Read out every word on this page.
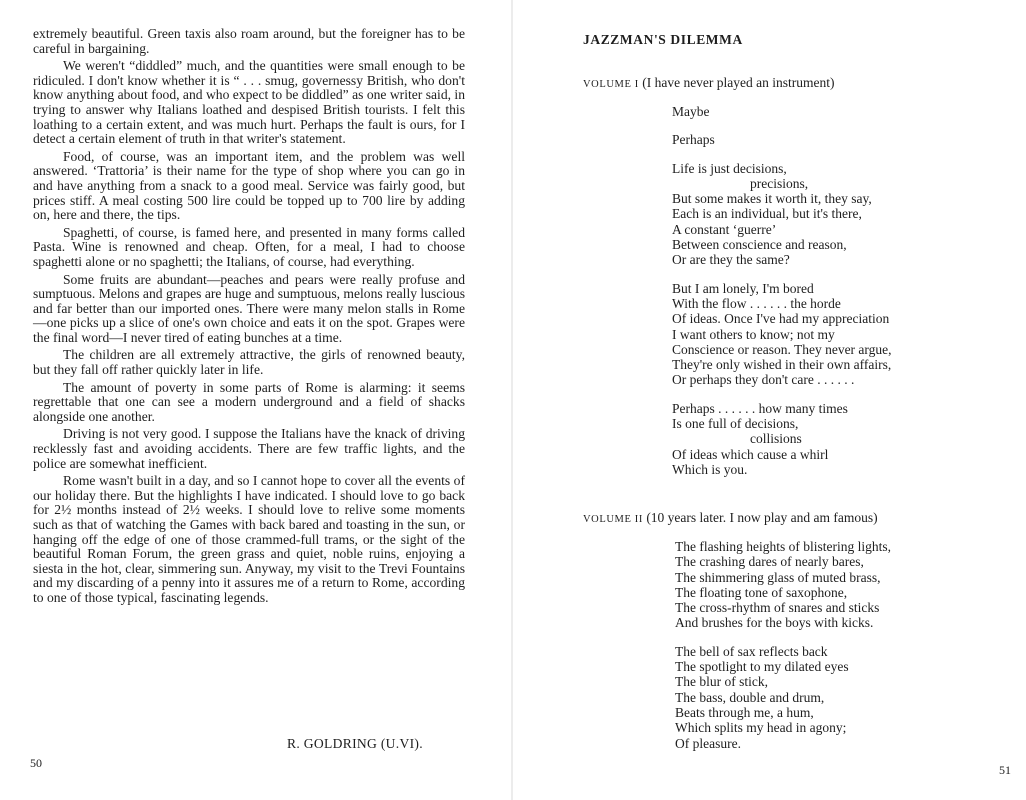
extremely beautiful. Green taxis also roam around, but the foreigner has to be careful in bargaining.

We weren't “diddled” much, and the quantities were small enough to be ridiculed. I don't know whether it is “ . . . smug, governessy British, who don't know anything about food, and who expect to be diddled” as one writer said, in trying to answer why Italians loathed and despised British tourists. I felt this loathing to a certain extent, and was much hurt. Perhaps the fault is ours, for I detect a certain element of truth in that writer's statement.

Food, of course, was an important item, and the problem was well answered. ‘Trattoria’ is their name for the type of shop where you can go in and have anything from a snack to a good meal. Service was fairly good, but prices stiff. A meal costing 500 lire could be topped up to 700 lire by adding on, here and there, the tips.

Spaghetti, of course, is famed here, and presented in many forms called Pasta. Wine is renowned and cheap. Often, for a meal, I had to choose spaghetti alone or no spaghetti; the Italians, of course, had everything.

Some fruits are abundant—peaches and pears were really profuse and sumptuous. Melons and grapes are huge and sumptuous, melons really luscious and far better than our imported ones. There were many melon stalls in Rome—one picks up a slice of one's own choice and eats it on the spot. Grapes were the final word—I never tired of eating bunches at a time.

The children are all extremely attractive, the girls of renowned beauty, but they fall off rather quickly later in life.

The amount of poverty in some parts of Rome is alarming: it seems regrettable that one can see a modern underground and a field of shacks alongside one another.

Driving is not very good. I suppose the Italians have the knack of driving recklessly fast and avoiding accidents. There are few traffic lights, and the police are somewhat inefficient.

Rome wasn't built in a day, and so I cannot hope to cover all the events of our holiday there. But the highlights I have indicated. I should love to go back for 2½ months instead of 2½ weeks. I should love to relive some moments such as that of watching the Games with back bared and toasting in the sun, or hanging off the edge of one of those crammed-full trams, or the sight of the beautiful Roman Forum, the green grass and quiet, noble ruins, enjoying a siesta in the hot, clear, simmering sun. Anyway, my visit to the Trevi Fountains and my discarding of a penny into it assures me of a return to Rome, according to one of those typical, fascinating legends.

R. GOLDRING (U.VI).
50
JAZZMAN'S DILEMMA
VOLUME I (I have never played an instrument)
Maybe
Perhaps
Life is just decisions,
precisions,
But some makes it worth it, they say,
Each is an individual, but it's there,
A constant ‘guerre’
Between conscience and reason,
Or are they the same?
But I am lonely, I'm bored
With the flow . . . . . . the horde
Of ideas. Once I've had my appreciation
I want others to know; not my
Conscience or reason. They never argue,
They're only wished in their own affairs,
Or perhaps they don't care . . . . . .
Perhaps . . . . . . how many times
Is one full of decisions,
collisions
Of ideas which cause a whirl
Which is you.
VOLUME II (10 years later. I now play and am famous)
The flashing heights of blistering lights,
The crashing dares of nearly bares,
The shimmering glass of muted brass,
The floating tone of saxophone,
The cross-rhythm of snares and sticks
And brushes for the boys with kicks.
The bell of sax reflects back
The spotlight to my dilated eyes
The blur of stick,
The bass, double and drum,
Beats through me, a hum,
Which splits my head in agony;
Of pleasure.
51
